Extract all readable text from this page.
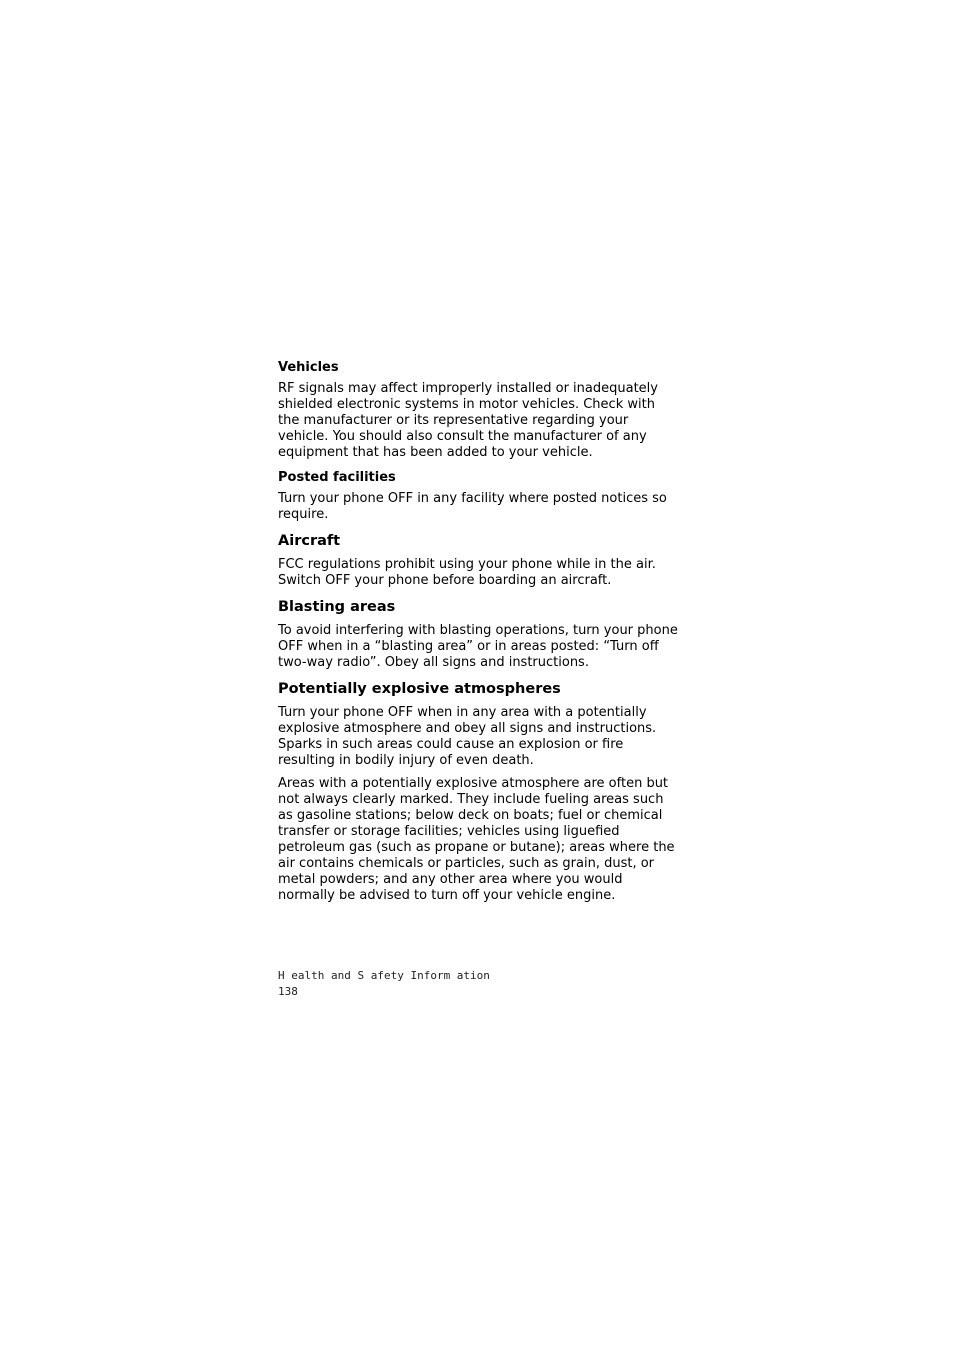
Vehicles

RF signals may affect improperly installed or inadequately shielded electronic systems in motor vehicles. Check with the manufacturer or its representative regarding your vehicle. You should also consult the manufacturer of any equipment that has been added to your vehicle.

Posted facilities

Turn your phone OFF in any facility where posted notices so require.

Aircraft

FCC regulations prohibit using your phone while in the air. Switch OFF your phone before boarding an aircraft.

Blasting areas

To avoid interfering with blasting operations, turn your phone OFF when in a “blasting area” or in areas posted: “Turn off two-way radio”. Obey all signs and instructions.

Potentially explosive atmospheres

Turn your phone OFF when in any area with a potentially explosive atmosphere and obey all signs and instructions. Sparks in such areas could cause an explosion or fire resulting in bodily injury of even death.

Areas with a potentially explosive atmosphere are often but not always clearly marked. They include fueling areas such as gasoline stations; below deck on boats; fuel or chemical transfer or storage facilities; vehicles using liguefied petroleum gas (such as propane or butane); areas where the air contains chemicals or particles, such as grain, dust, or metal powders; and any other area where you would normally be advised to turn off your vehicle engine.

H ealth and S afety Inform ation
138
